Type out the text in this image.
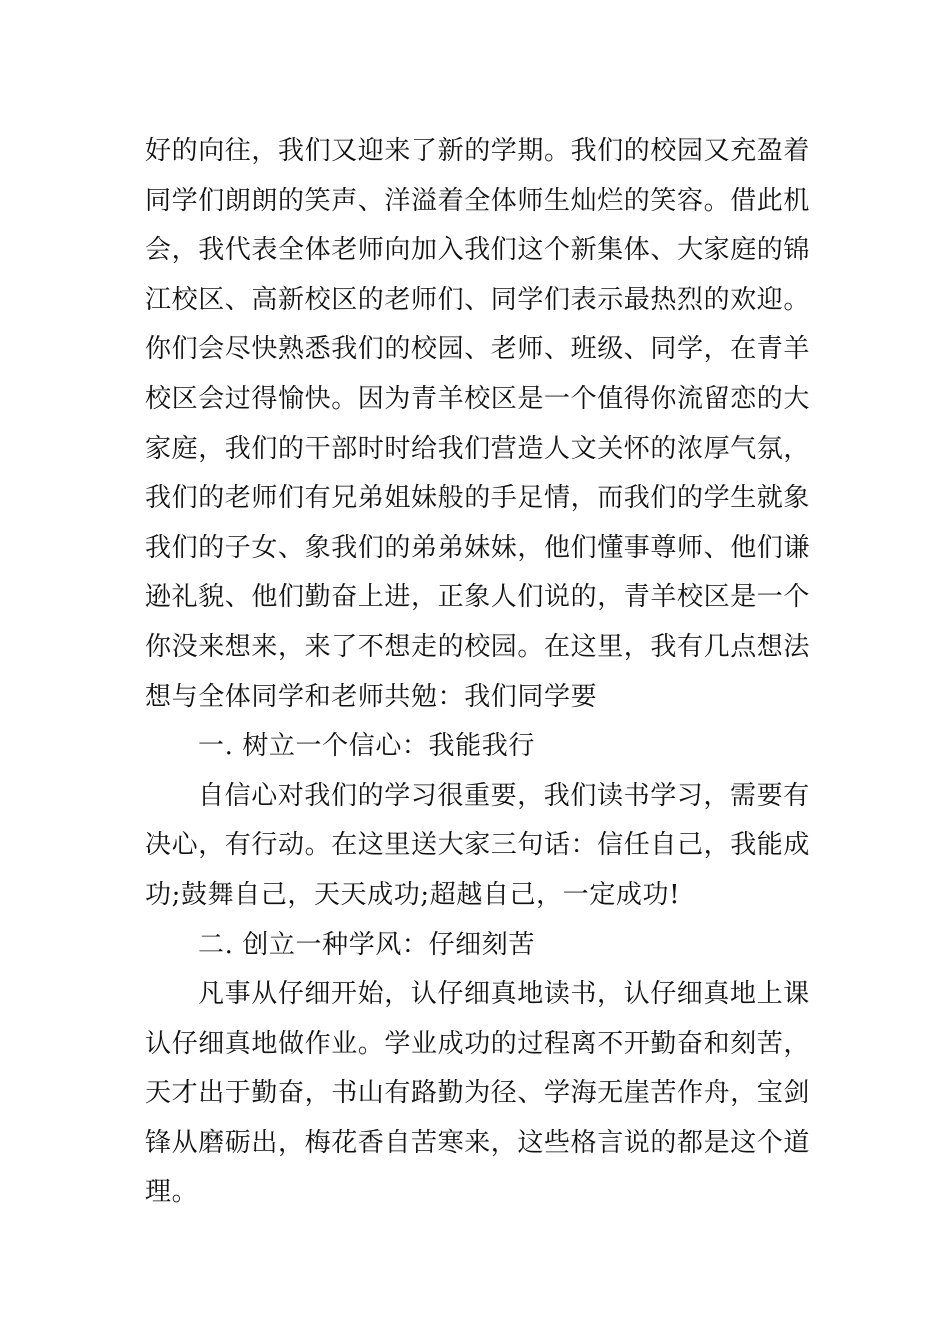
好的向往，我们又迎来了新的学期。我们的校园又充盈着
同学们朗朗的笑声、洋溢着全体师生灿烂的笑容。借此机
会，我代表全体老师向加入我们这个新集体、大家庭的锦
江校区、高新校区的老师们、同学们表示最热烈的欢迎。
你们会尽快熟悉我们的校园、老师、班级、同学，在青羊
校区会过得愉快。因为青羊校区是一个值得你流留恋的大
家庭，我们的干部时时给我们营造人文关怀的浓厚气氛，
我们的老师们有兄弟姐妹般的手足情，而我们的学生就象
我们的子女、象我们的弟弟妹妹，他们懂事尊师、他们谦
逊礼貌、他们勤奋上进，正象人们说的，青羊校区是一个
你没来想来，来了不想走的校园。在这里，我有几点想法
想与全体同学和老师共勉：我们同学要
一. 树立一个信心：我能我行
自信心对我们的学习很重要，我们读书学习，需要有
决心，有行动。在这里送大家三句话：信任自己，我能成
功;鼓舞自己，天天成功;超越自己，一定成功!
二. 创立一种学风：仔细刻苦
凡事从仔细开始，认仔细真地读书，认仔细真地上课
认仔细真地做作业。学业成功的过程离不开勤奋和刻苦，
天才出于勤奋，书山有路勤为径、学海无崖苦作舟，宝剑
锋从磨砺出，梅花香自苦寒来，这些格言说的都是这个道
理。
